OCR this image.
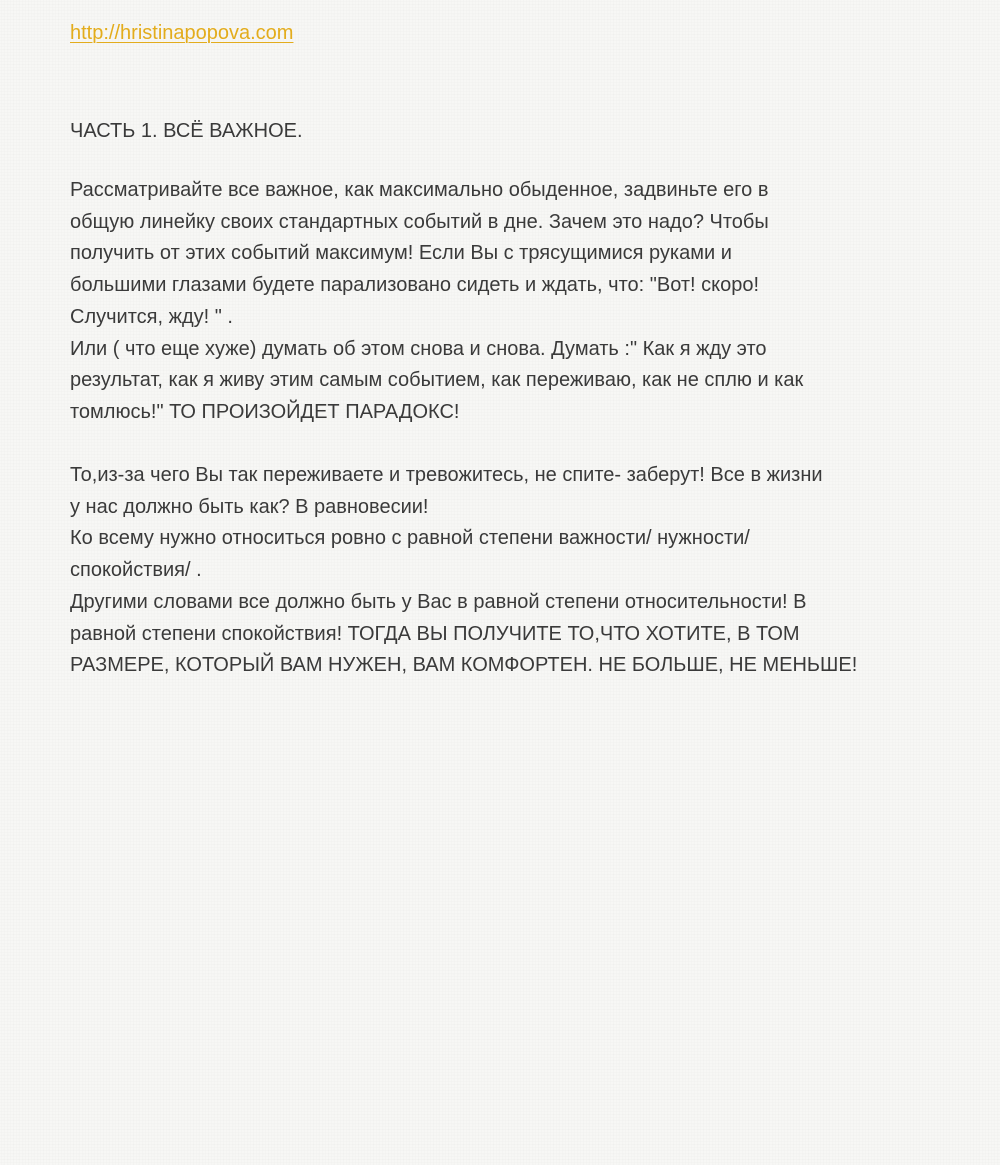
http://hristinapopova.com
ЧАСТЬ 1. ВСЁ ВАЖНОЕ.
Рассматривайте все важное, как максимально обыденное, задвиньте его в
общую линейку своих стандартных событий в дне. Зачем это надо? Чтобы
получить от этих событий максимум! Если Вы с трясущимися руками и
большими глазами будете парализовано сидеть и ждать, что: "Вот! скоро!
Случится, жду! " .
Или ( что еще хуже) думать об этом снова и снова. Думать :" Как я жду это
результат, как я живу этим самым событием, как переживаю, как не сплю и как
томлюсь!" ТО ПРОИЗОЙДЕТ ПАРАДОКС!
То,из-за чего Вы так переживаете и тревожитесь, не спите- заберут! Все в жизни
у нас должно быть как? В равновесии!
Ко всему нужно относиться ровно с равной степени важности/ нужности/
спокойствия/ .
Другими словами все должно быть у Вас в равной степени относительности! В
равной степени спокойствия! ТОГДА ВЫ ПОЛУЧИТЕ ТО,ЧТО ХОТИТЕ, В ТОМ
РАЗМЕРЕ, КОТОРЫЙ ВАМ НУЖЕН, ВАМ КОМФОРТЕН. НЕ БОЛЬШЕ, НЕ МЕНЬШЕ!
